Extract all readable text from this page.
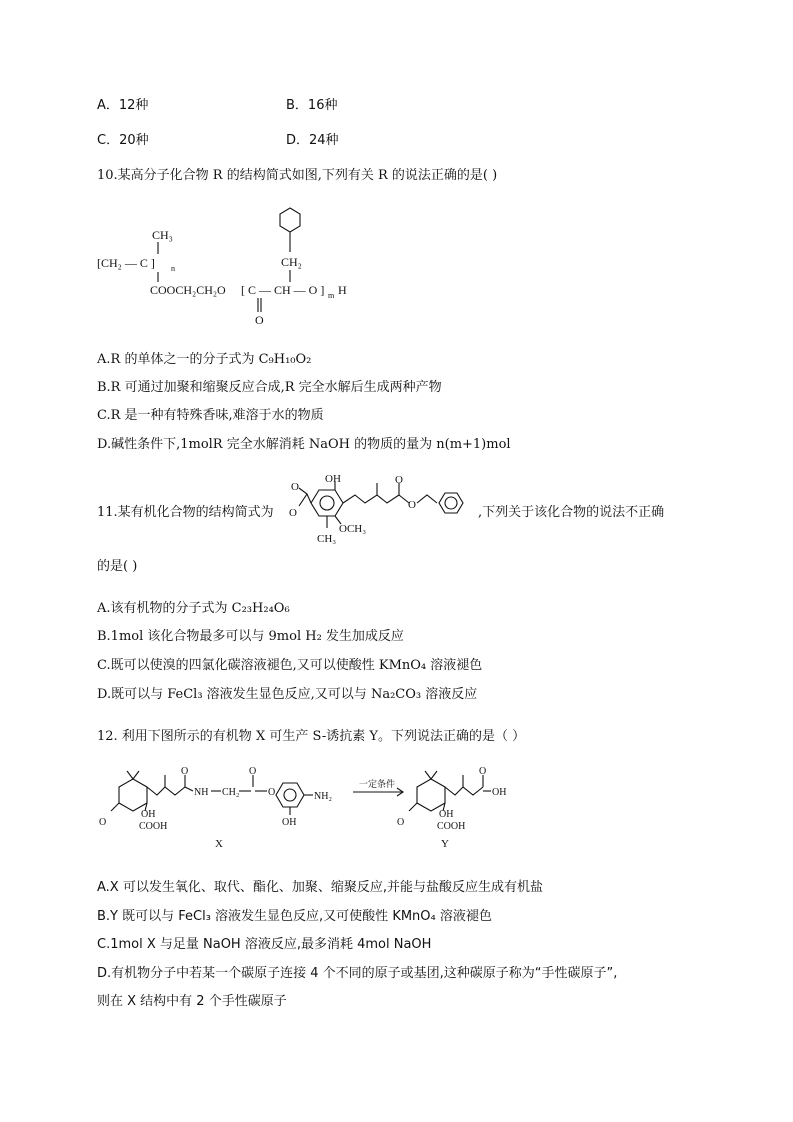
A．12种	B．16种
C．20种	D．24种
10.某高分子化合物 R 的结构简式如图,下列有关 R 的说法正确的是( )
CH₃
[CH₂ — C ] n
COOCH₂CH₂O
CH₂
[ C — CH — O ] m H
O
A.R 的单体之一的分子式为 C₉H₁₀O₂
B.R 可通过加聚和缩聚反应合成,R 完全水解后生成两种产物
C.R 是一种有特殊香味,难溶于水的物质
D.碱性条件下,1molR 完全水解消耗 NaOH 的物质的量为 n(m+1)mol
11.某有机化合物的结构简式为
O
O
OH
OCH₃
CH₃
O
O	,下列关于该化合物的说法不正确
的是( )
A.该有机物的分子式为 C₂₃H₂₄O₆
B.1mol 该化合物最多可以与 9mol H₂ 发生加成反应
C.既可以使溴的四氯化碳溶液褪色,又可以使酸性 KMnO₄ 溶液褪色
D.既可以与 FeCl₃ 溶液发生显色反应,又可以与 Na₂CO₃ 溶液反应
12. 利用下图所示的有机物 X 可生产 S-诱抗素 Y。下列说法正确的是（ ）
O
OH
COOH
O
NH CH₂
O
O	NH₂
OH
X
一定条件
O
OH
COOH
O
OH
Y
A.X 可以发生氧化、取代、酯化、加聚、缩聚反应,并能与盐酸反应生成有机盐
B.Y 既可以与 FeCl₃ 溶液发生显色反应,又可使酸性 KMnO₄ 溶液褪色
C.1mol X 与足量 NaOH 溶液反应,最多消耗 4mol NaOH
D.有机物分子中若某一个碳原子连接 4 个不同的原子或基团,这种碳原子称为“手性碳原子”,
则在 X 结构中有 2 个手性碳原子
